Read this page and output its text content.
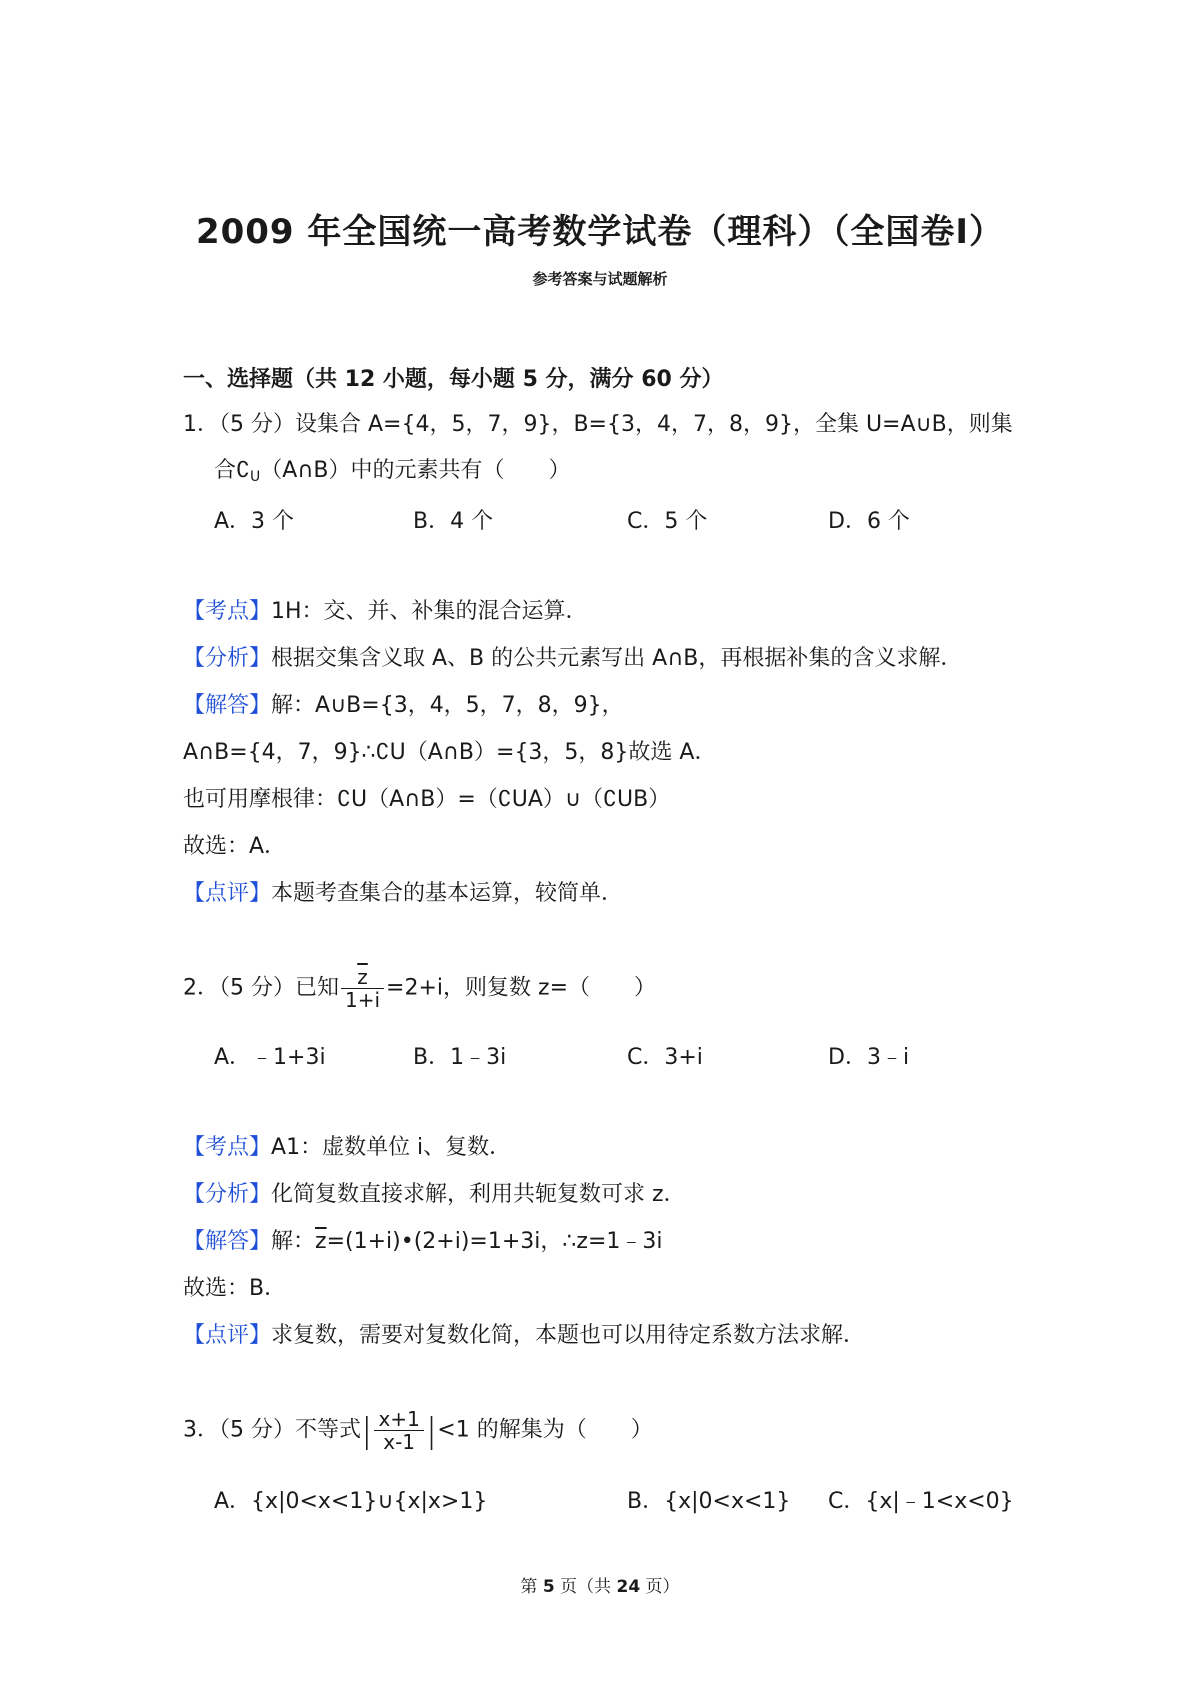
2009 年全国统一高考数学试卷（理科）（全国卷Ⅰ）
参考答案与试题解析
一、选择题（共 12 小题，每小题 5 分，满分 60 分）
1．（5 分）设集合 A={4，5，7，9}，B={3，4，7，8，9}，全集 U=A∪B，则集
合$∁_U(A\cap B)$中的元素共有（　　）
A．3 个	B．4 个	C．5 个	D．6 个
【考点】1H：交、并、补集的混合运算．
【分析】根据交集含义取 A、B 的公共元素写出 A∩B，再根据补集的含义求解．
【解答】解：A∪B={3，4，5，7，8，9}，
A∩B={4，7，9}∴∁U（A∩B）={3，5，8}故选 A．
也可用摩根律：∁U（A∩B）=（∁UA）∪（∁UB）
故选：A．
【点评】本题考查集合的基本运算，较简单．
2．（5 分）已知 $\frac{\overline{z}}{1+i} =2+i$，则复数 z=（　　）
A．﹣1+3i	B．1﹣3i	C．3+i	D．3﹣i
【考点】A1：虚数单位 i、复数．
【分析】化简复数直接求解，利用共轭复数可求 z．
【解答】解：$\overline{z}=(1+i)•(2+i)=1+3i$，∴z=1﹣3i
故选：B．
【点评】求复数，需要对复数化简，本题也可以用待定系数方法求解．
3．（5 分）不等式| $\frac{x+1}{x-1} |<1$ 的解集为（　　）
A．{x|0<x<1}∪{x|x>1}	B．{x|0<x<1} C．{x|﹣1<x<0}
第 5 页（共 24 页）
